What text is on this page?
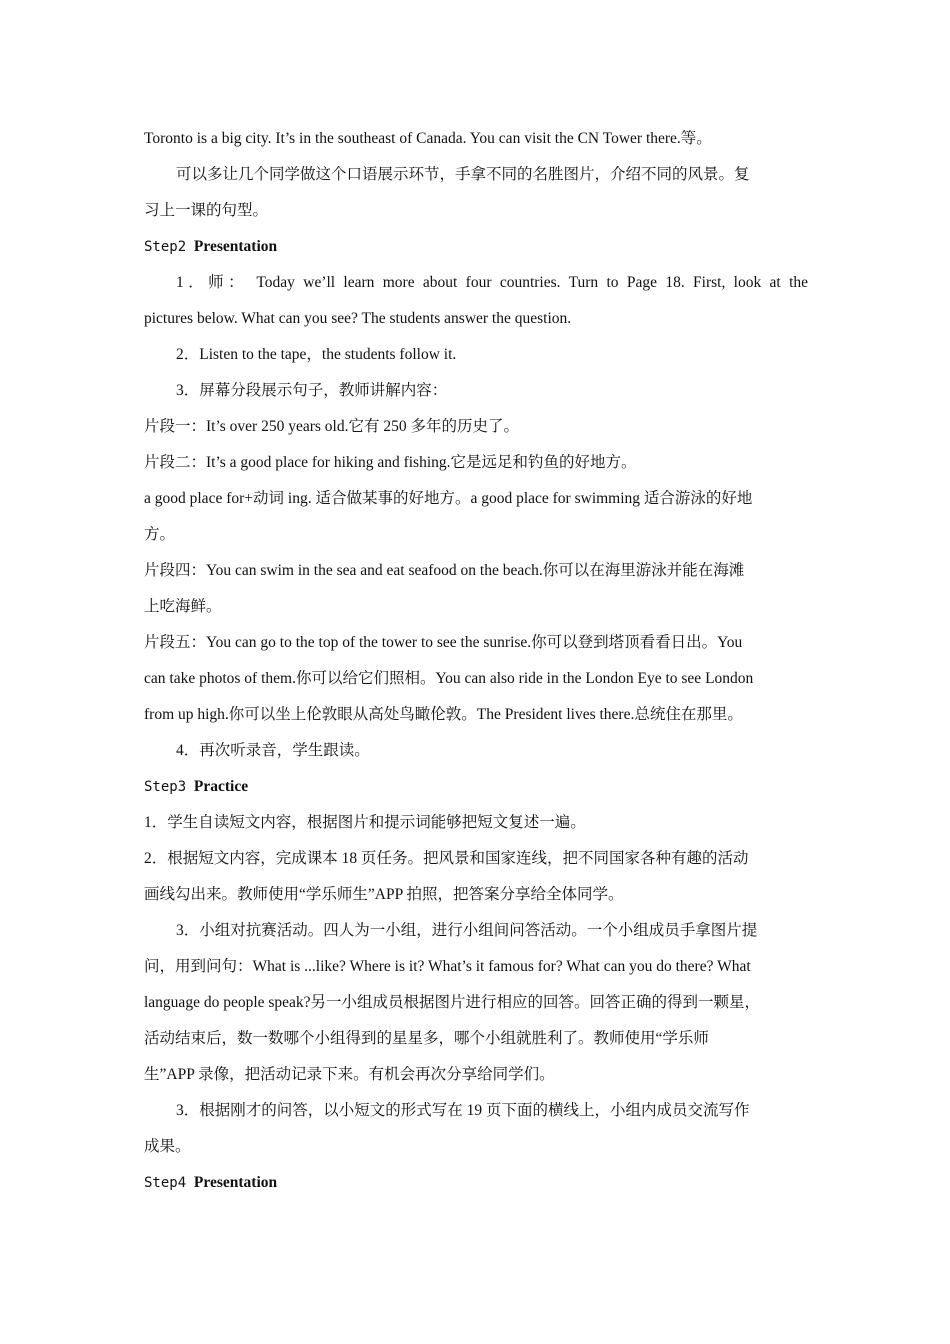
Toronto is a big city. It’s in the southeast of Canada. You can visit the CN Tower there.等。
可以多让几个同学做这个口语展示环节，手拿不同的名胜图片，介绍不同的风景。复
习上一课的句型。
Step2 Presentation
1．师： Today we’ll learn more about four countries. Turn to Page 18. First, look at the
pictures below. What can you see? The students answer the question.
2．Listen to the tape，the students follow it.
3．屏幕分段展示句子，教师讲解内容：
片段一：It’s over 250 years old.它有 250 多年的历史了。
片段二：It’s a good place for hiking and fishing.它是远足和钓鱼的好地方。
a good place for+动词 ing. 适合做某事的好地方。a good place for swimming 适合游泳的好地
方。
片段四：You can swim in the sea and eat seafood on the beach.你可以在海里游泳并能在海滩
上吃海鲜。
片段五：You can go to the top of the tower to see the sunrise.你可以登到塔顶看看日出。You
can take photos of them.你可以给它们照相。You can also ride in the London Eye to see London
from up high.你可以坐上伦敦眼从高处鸟瞰伦敦。The President lives there.总统住在那里。
4．再次听录音，学生跟读。
Step3 Practice
1．学生自读短文内容，根据图片和提示词能够把短文复述一遍。
2．根据短文内容，完成课本 18 页任务。把风景和国家连线，把不同国家各种有趣的活动
画线勾出来。教师使用“学乐师生”APP 拍照，把答案分享给全体同学。
3．小组对抗赛活动。四人为一小组，进行小组间问答活动。一个小组成员手拿图片提
问，用到问句：What is ...like? Where is it? What’s it famous for? What can you do there? What
language do people speak?另一小组成员根据图片进行相应的回答。回答正确的得到一颗星，
活动结束后，数一数哪个小组得到的星星多，哪个小组就胜利了。教师使用“学乐师
生”APP 录像，把活动记录下来。有机会再次分享给同学们。
3．根据刚才的问答，以小短文的形式写在 19 页下面的横线上，小组内成员交流写作
成果。
Step4 Presentation
